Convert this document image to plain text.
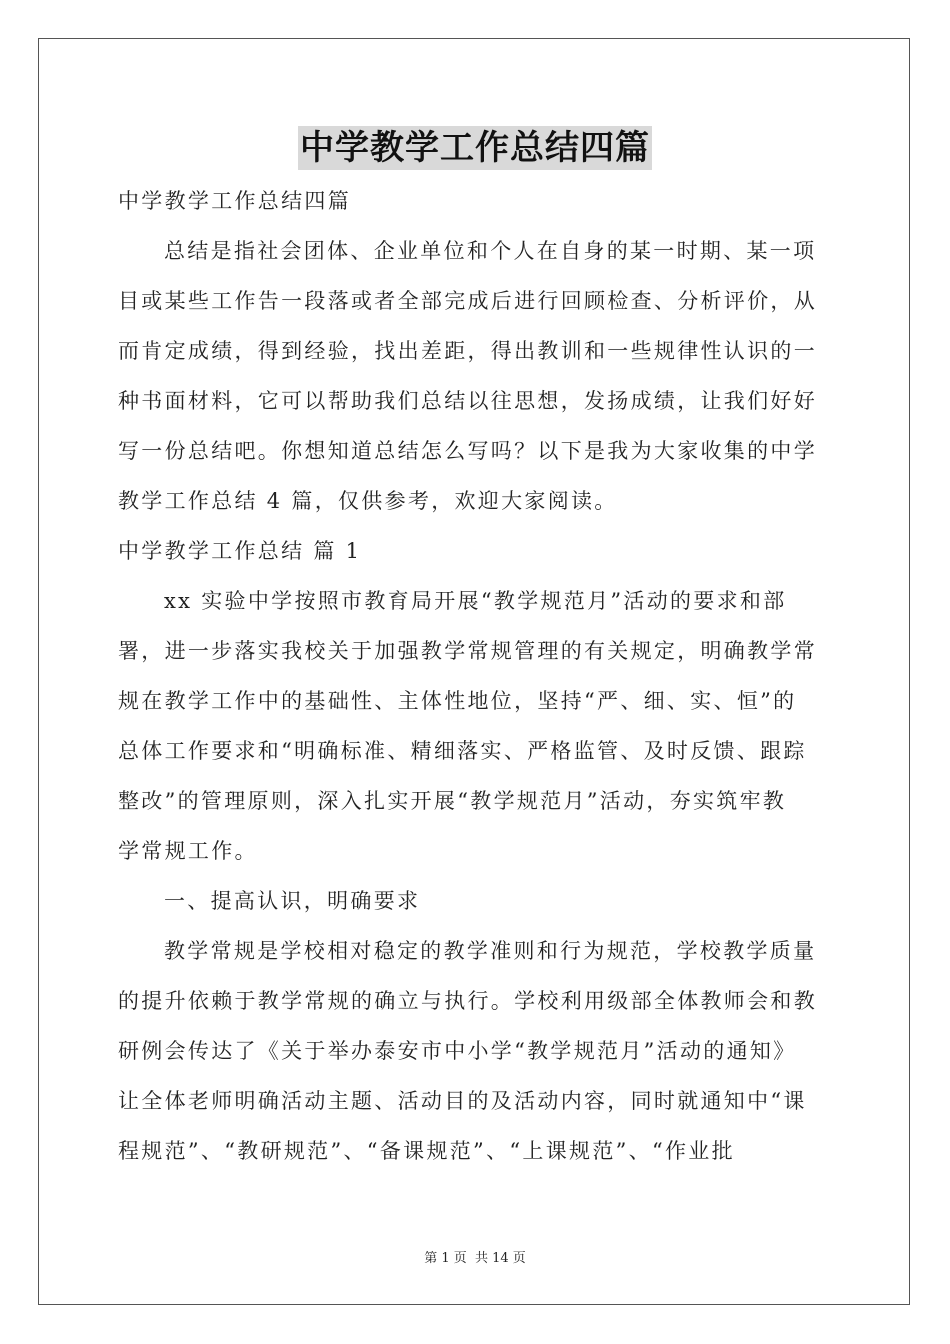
中学教学工作总结四篇
中学教学工作总结四篇
总结是指社会团体、企业单位和个人在自身的某一时期、某一项
目或某些工作告一段落或者全部完成后进行回顾检查、分析评价，从
而肯定成绩，得到经验，找出差距，得出教训和一些规律性认识的一
种书面材料，它可以帮助我们总结以往思想，发扬成绩，让我们好好
写一份总结吧。你想知道总结怎么写吗？以下是我为大家收集的中学
教学工作总结 4 篇，仅供参考，欢迎大家阅读。
中学教学工作总结 篇 1
xx 实验中学按照市教育局开展“教学规范月”活动的要求和部
署，进一步落实我校关于加强教学常规管理的有关规定，明确教学常
规在教学工作中的基础性、主体性地位，坚持“严、细、实、恒”的
总体工作要求和“明确标准、精细落实、严格监管、及时反馈、跟踪
整改”的管理原则，深入扎实开展“教学规范月”活动，夯实筑牢教
学常规工作。
一、提高认识，明确要求
教学常规是学校相对稳定的教学准则和行为规范，学校教学质量
的提升依赖于教学常规的确立与执行。学校利用级部全体教师会和教
研例会传达了《关于举办泰安市中小学“教学规范月”活动的通知》
让全体老师明确活动主题、活动目的及活动内容，同时就通知中“课
程规范”、“教研规范”、“备课规范”、“上课规范”、“作业批
第 1 页 共 14 页
